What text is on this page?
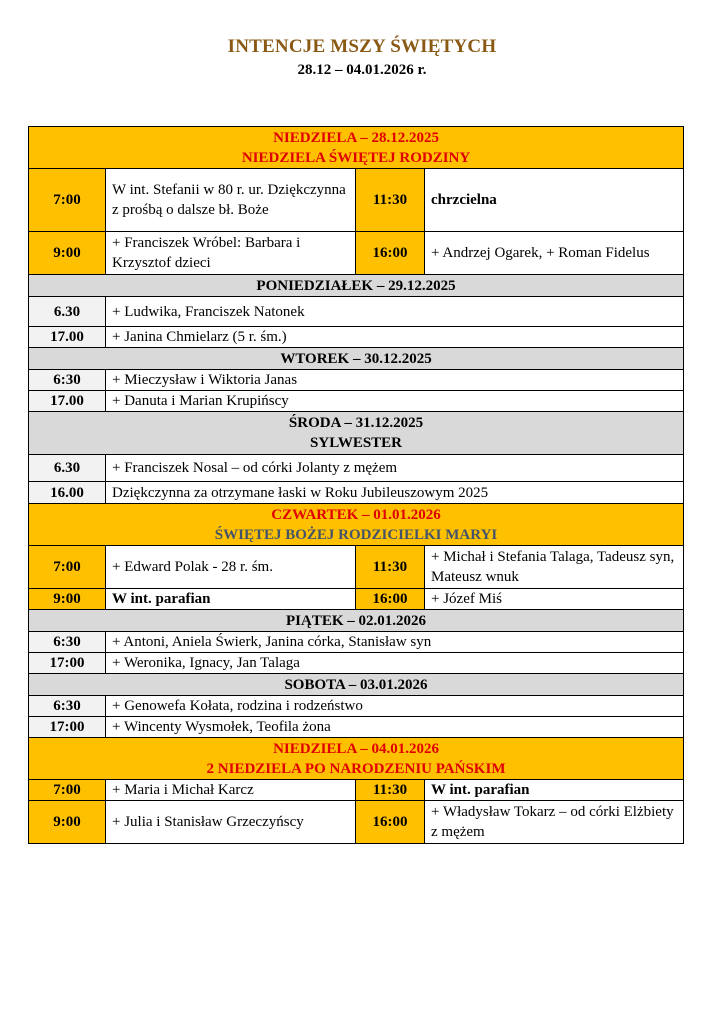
INTENCJE MSZY ŚWIĘTYCH
28.12 – 04.01.2026 r.
NIEDZIELA – 28.12.2025
NIEDZIELA ŚWIĘTEJ RODZINY			

7:00	W int. Stefanii w 80 r. ur. Dziękczynna z prośbą o dalsze bł. Boże	11:30	chrzcielna
9:00	+ Franciszek Wróbel: Barbara i Krzysztof dzieci	16:00	+ Andrzej Ogarek, + Roman Fidelus
PONIEDZIAŁEK – 29.12.2025			
6.30	+ Ludwika, Franciszek Natonek		
17.00	+ Janina Chmielarz (5 r. śm.)		
WTOREK – 30.12.2025			
6:30	+ Mieczysław i Wiktoria Janas		
17.00	+ Danuta i Marian Krupińscy		

ŚRODA – 31.12.2025
SYLWESTER			

6.30	+ Franciszek Nosal – od córki Jolanty z mężem		
16.00	Dziękczynna za otrzymane łaski w Roku Jubileuszowym 2025		

CZWARTEK – 01.01.2026
ŚWIĘTEJ BOŻEJ RODZICIELKI MARYI			

7:00	+ Edward Polak - 28 r. śm.	11:30	+ Michał i Stefania Talaga, Tadeusz syn, Mateusz wnuk
9:00	W int. parafian	16:00	+ Józef Miś
PIĄTEK – 02.01.2026			
6:30	+ Antoni, Aniela Świerk, Janina córka, Stanisław syn		
17:00	+ Weronika, Ignacy, Jan Talaga		
SOBOTA – 03.01.2026			
6:30	+ Genowefa Kołata, rodzina i rodzeństwo		
17:00	+ Wincenty Wysmołek, Teofila żona		

NIEDZIELA – 04.01.2026
2 NIEDZIELA PO NARODZENIU PAŃSKIM			

7:00	+ Maria i Michał Karcz	11:30	W int. parafian
9:00	+ Julia i Stanisław Grzeczyńscy	16:00	+ Władysław Tokarz – od córki Elżbiety z mężem
